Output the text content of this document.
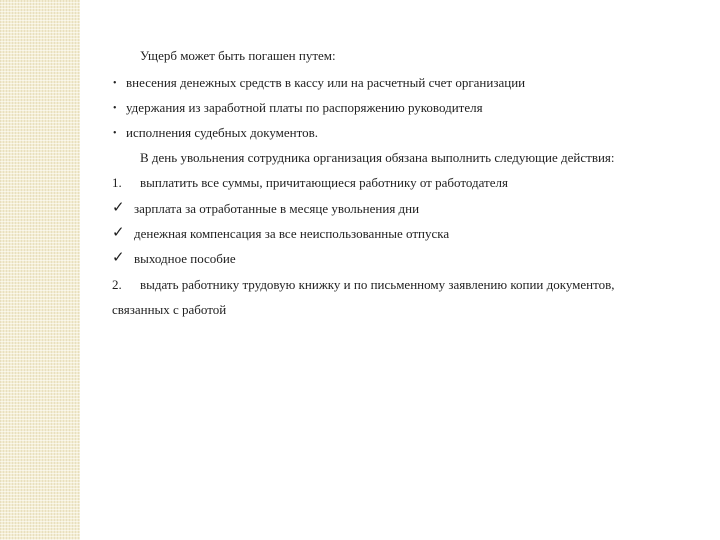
Ущерб может быть погашен путем:
• внесения денежных средств в кассу или на расчетный счет организации
• удержания из заработной платы по распоряжению руководителя
• исполнения судебных документов.
В день увольнения сотрудника организация обязана выполнить следующие действия:
1. выплатить все суммы, причитающиеся работнику от работодателя
✓ зарплата за отработанные в месяце увольнения дни
✓ денежная компенсация за все неиспользованные отпуска
✓ выходное пособие
2. выдать работнику трудовую книжку и по письменному заявлению копии документов,
связанных с работой
